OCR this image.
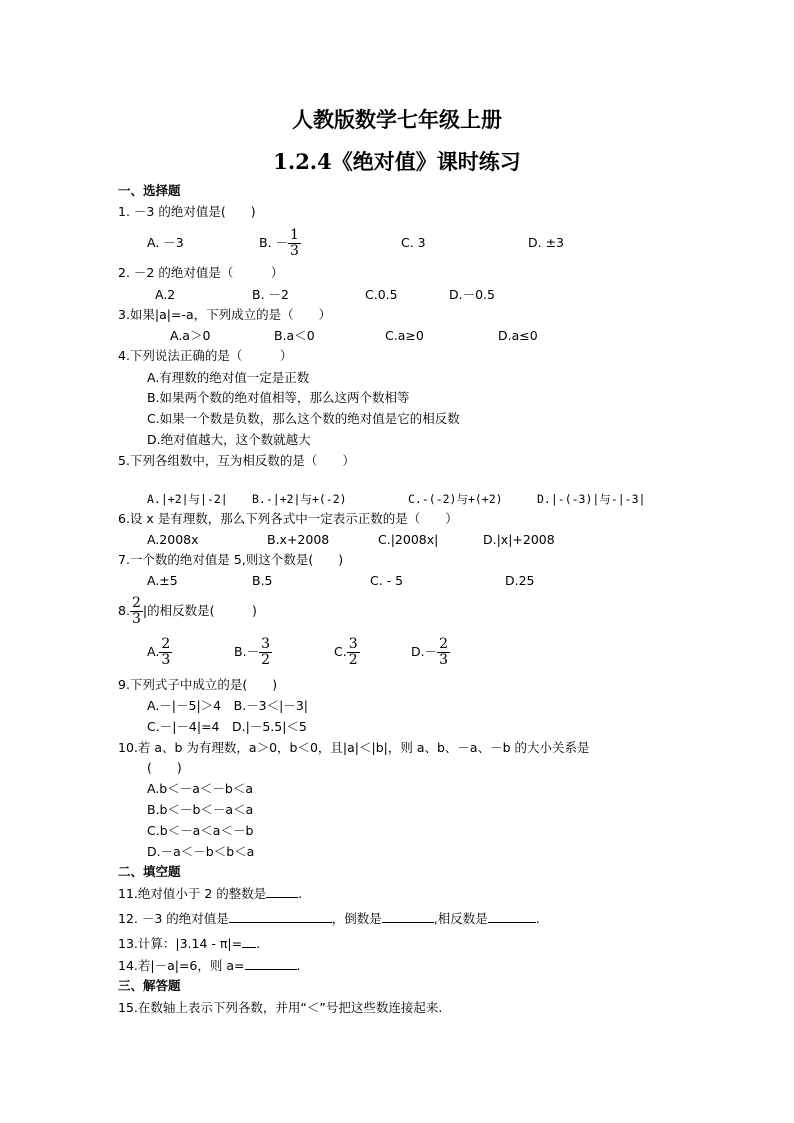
人教版数学七年级上册
1.2.4《绝对值》课时练习
一、选择题
1. －3 的绝对值是(　　)
A. －3	B. － $\frac{1}{3}$	C. 3	D. ±3
2. －2 的绝对值是（　　　）
A.2	B. －2	C.0.5	D.－0.5
3.如果|a|=-a，下列成立的是（　　）
A.a＞0	B.a＜0	C.a≥0	D.a≤0
4.下列说法正确的是（　　　）
A.有理数的绝对值一定是正数
B.如果两个数的绝对值相等，那么这两个数相等
C.如果一个数是负数，那么这个数的绝对值是它的相反数
D.绝对值越大，这个数就越大
5.下列各组数中，互为相反数的是（　　）
A.|+2|与|-2| B.-|+2|与+(-2)	C.-(-2)与+(+2)	D.|-(-3)|与-|-3|
6.设 x 是有理数，那么下列各式中一定表示正数的是（　　）
A.2008x	B.x+2008	C.|2008x|	D.|x|+2008
7.一个数的绝对值是 5,则这个数是(　　)
A.±5	B.5	C. - 5	D.25
8. $\frac{2}{3}$ |的相反数是(　　　)
A. $\frac{2}{3}$	$B.- \frac{3}{2}$	C. $\frac{3}{2}$	$D.- \frac{2}{3}$
9.下列式子中成立的是(　　)
A.－|－5|＞4　B.－3＜|－3|
C.－|－4|=4　D.|－5.5|＜5
10.若 a、b 为有理数，a＞0，b＜0，且|a|＜|b|，则 a、b、－a、－b 的大小关系是
(　　)
A.b＜－a＜－b＜a
B.b＜－b＜－a＜a
C.b＜－a＜a＜－b
D.－a＜－b＜b＜a
二、填空题
11.绝对值小于 2 的整数是	.
12. －3 的绝对值是	，倒数是	,相反数是	.
13.计算：|3.14 - π|= .
14.若|－a|=6，则 a=	.
三、解答题
15.在数轴上表示下列各数，并用“＜”号把这些数连接起来.
